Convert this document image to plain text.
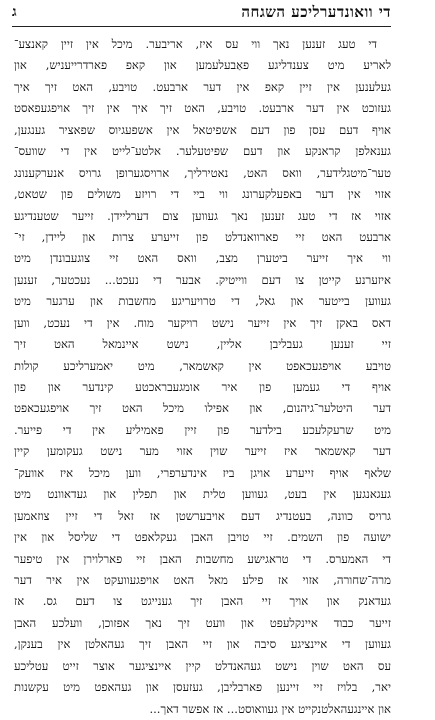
די וואונדערליכע השגחה
ג
די טעג זענען נאך ווי עס איז, אריבער. מיכל אין זיין קאנצע־
לאריע מיט צענדליגע פאַבעלעמען און קאפ פארדרייעניש, און
געלענען אין זיין קאפ אין דער ארבעט. טויבע, האט זיך איך
געזוכט אין דער ארבעט. טויבע, האט זיך איך אין זיך אויפגעפאסט
אויף דעם עסן פון דעם אשפיטאל אין אשפעגיוס שפאציר גענגען,
גענאלפן קראנקע און דעם שפיטעלער. אלטע־לייט אין די שוועס־
טער־מיטגלידער, וואס האט, נאטירליך, ארויסגערופן גרויס אנערקענונג
אזוי אין דער באפעלקערונג ווי ביי די רויזע משולים פון שטאט,
אזוי אז די טעג זענען נאך געווען צום דערליידן. זייער שטענדיגע
ארבעט האט זיי פארוואנדלט פון זייערע צרות און ליידן, זי־
ווי איך זייער ביטערן מצב, וואס האט זיי צוגעבונדן מיט
איזערנע קייטן צו דעם ווייטיק. אבער די נעכט... נעכטער, זענען
געווען בייטער און גאל, די טרויעריגע מחשבות און ערגער מיט
דאס באקן זיך אין זייער נישט רויקער מוח. אין די נעכט, ווען
זיי זענען געבליבן אליין, נישט איינמאל האט זיך
טויבע אויפגעכאפט אין קאשמאר, מיט יאמערליכע קולות
אויף די געמען פון איר אומגעבראכטע קינדער און פון
דער היטלער־גיהנום, און אפילו מיכל האט זיך אויפגעכאפט
מיט שרעקלעכע בילדער פון זיין פאמיליע אין די פייער.
דער קאשמאר איז זייער שוין אזוי מער נישט געקומען קיין
שלאף אויף זייערע אויגן ביז אינדערפרי, ווען מיכל איז אוועק־
געגאנגען אין בעט, געווען טלית און תפלין און געדאוונט מיט
גרויס כוונה, בעטנדיג דעם אויבערשטן אז זאל די זיין צוזאמען
ישועה פון השמים. זיי טויבן האבן געקלאפט די שליסל און אין
די האמערס. די טראגישע מחשבות האבן זיי פארלוירן אין טיפער
מרה־שחורה, אזוי אז פילע מאל האט אויפגעוועקט אין איר דער
געדאנק און אויך זיי האבן זיך גענייגט צו דעם גס. אז
זייער כבוד איינקלעפט און וועט זיך נאך אפזוכן, וועלכע האבן
געווען די איינציגע סיבה און זיי האבן זיך געהאלטן אין בענקן,
עס האט שוין נישט געהאנדלט קיין איינציגער אוצר זייט עטליכע
יאר, בלויז זיי זיינען פארבליבן, געזעסן און געהאפט מיט עקשנות
און איינגעהאלטנקייט אין געוואוסט... אז אפשר דאך...
